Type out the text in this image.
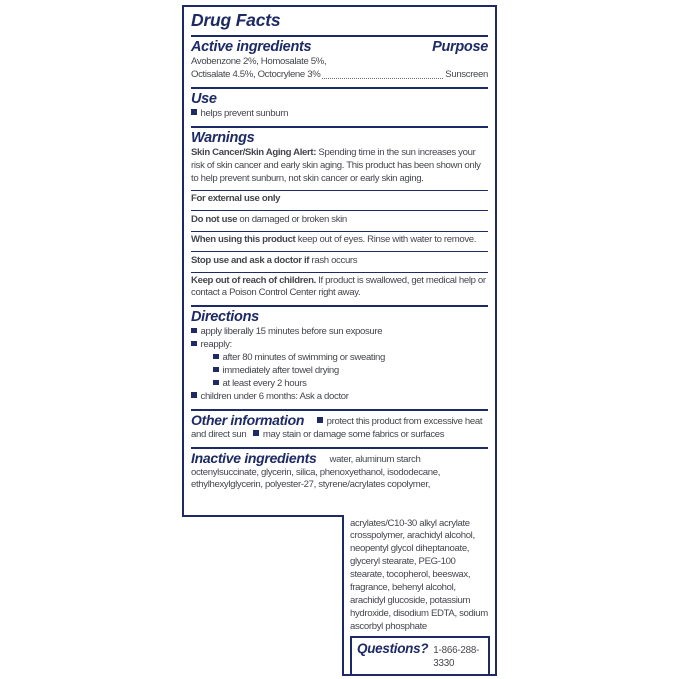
Drug Facts
Active ingredients	Purpose

Avobenzone 2%, Homosalate 5%,

Octisalate 4.5%, Octocrylene 3%	Sunscreen
Use

helps prevent sunburn

Warnings

Skin Cancer/Skin Aging Alert: Spending time in the sun increases your risk of skin cancer and early skin aging. This product has been shown only to help prevent sunburn, not skin cancer or early skin aging.

For external use only

Do not use on damaged or broken skin

When using this product keep out of eyes. Rinse with water to remove.

Stop use and ask a doctor if rash occurs

Keep out of reach of children. If product is swallowed, get medical help or contact a Poison Control Center right away.

Directions

apply liberally 15 minutes before sun exposure

reapply:

after 80 minutes of swimming or sweating

immediately after towel drying

at least every 2 hours

children under 6 months: Ask a doctor

Other information protect this product from excessive heat and direct sun may stain or damage some fabrics or surfaces

Inactive ingredients water, aluminum starch octenylsuccinate, glycerin, silica, phenoxyethanol, isododecane, ethylhexylglycerin, polyester-27, styrene/acrylates copolymer,

acrylates/C10-30 alkyl acrylate crosspolymer, arachidyl alcohol, neopentyl glycol diheptanoate, glyceryl stearate, PEG-100 stearate, tocopherol, beeswax, fragrance, behenyl alcohol, arachidyl glucoside, potassium hydroxide, disodium EDTA, sodium ascorbyl phosphate

Questions? 1-866-288-3330
